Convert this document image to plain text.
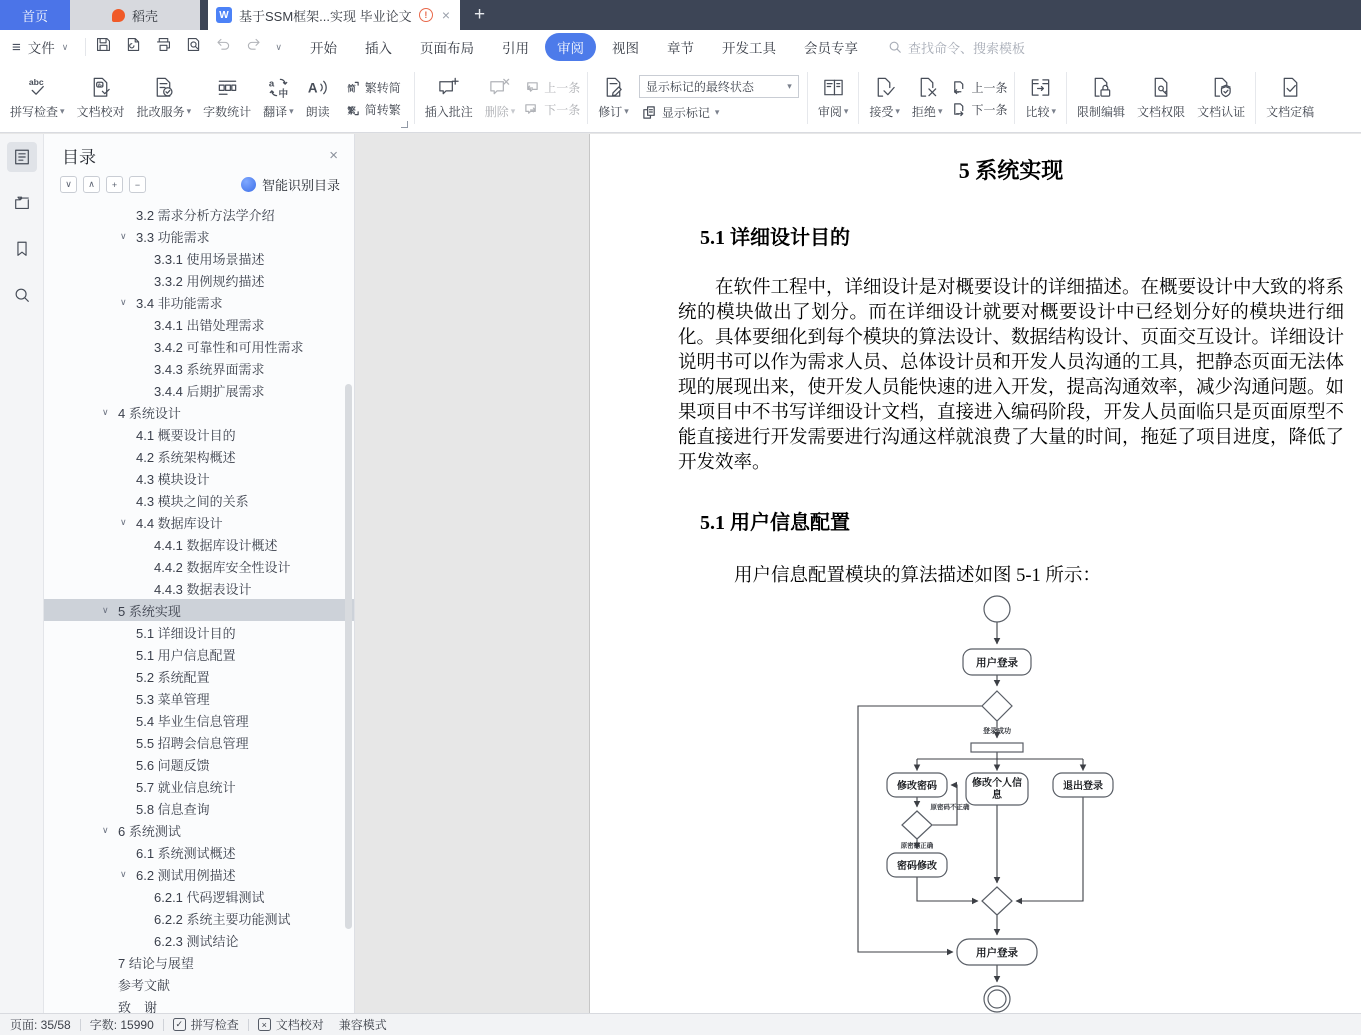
首页	稻壳	W 基于SSM框架...实现 毕业论文	!	× +
≡ 文件 ∨	∨	开始	插入	页面布局	引用	审阅	视图	章节	开发工具	会员专享	查找命令、搜索模板
abc
拼写检查 ▾
a-
文档校对 批改服务 ▾ 字数统计
a
中
翻译 ▾
A
朗读
简 繁转简
繁 简转繁 插入批注 删除 ▾
上一条
下一条 修订 ▾
显示标记的最终状态	▾
显示标记 ▾	审阅 ▾ 接受 ▾ 拒绝 ▾
上一条
下一条 比较 ▾ 限制编辑 文档权限 文档认证 文档定稿
目录	×
∨	∧	+	−	智能识别目录
3.2 需求分析方法学介绍
∨ 3.3 功能需求
3.3.1 使用场景描述
3.3.2 用例规约描述
∨ 3.4 非功能需求
3.4.1 出错处理需求
3.4.2 可靠性和可用性需求
3.4.3 系统界面需求
3.4.4 后期扩展需求
∨ 4 系统设计
4.1 概要设计目的
4.2 系统架构概述
4.3 模块设计
4.3 模块之间的关系
∨ 4.4 数据库设计
4.4.1 数据库设计概述
4.4.2 数据库安全性设计
4.4.3 数据表设计
∨ 5 系统实现
5.1 详细设计目的
5.1 用户信息配置
5.2 系统配置
5.3 菜单管理
5.4 毕业生信息管理
5.5 招聘会信息管理
5.6 问题反馈
5.7 就业信息统计
5.8 信息查询
∨ 6 系统测试
6.1 系统测试概述
∨ 6.2 测试用例描述
6.2.1 代码逻辑测试
6.2.2 系统主要功能测试
6.2.3 测试结论
7 结论与展望
参考文献
致　谢
5 系统实现
5.1 详细设计目的

在软件工程中，详细设计是对概要设计的详细描述。在概要设计中大致的将系统的模块做出了划分。而在详细设计就要对概要设计中已经划分好的模块进行细化。具体要细化到每个模块的算法设计、数据结构设计、页面交互设计。详细设计说明书可以作为需求人员、总体设计员和开发人员沟通的工具，把静态页面无法体现的展现出来，使开发人员能快速的进入开发，提高沟通效率，减少沟通问题。如果项目中不书写详细设计文档，直接进入编码阶段，开发人员面临只是页面原型不能直接进行开发需要进行沟通这样就浪费了大量的时间，拖延了项目进度，降低了开发效率。

5.1 用户信息配置
用户信息配置模块的算法描述如图 5-1 所示：
用户登录
登录成功
修改密码	修改个人信
息
退出登录
原密码不正确
原密码正确
密码修改
用户登录
页面: 35/58 字数: 15990	✓ 拼写检查	× 文档校对 兼容模式
